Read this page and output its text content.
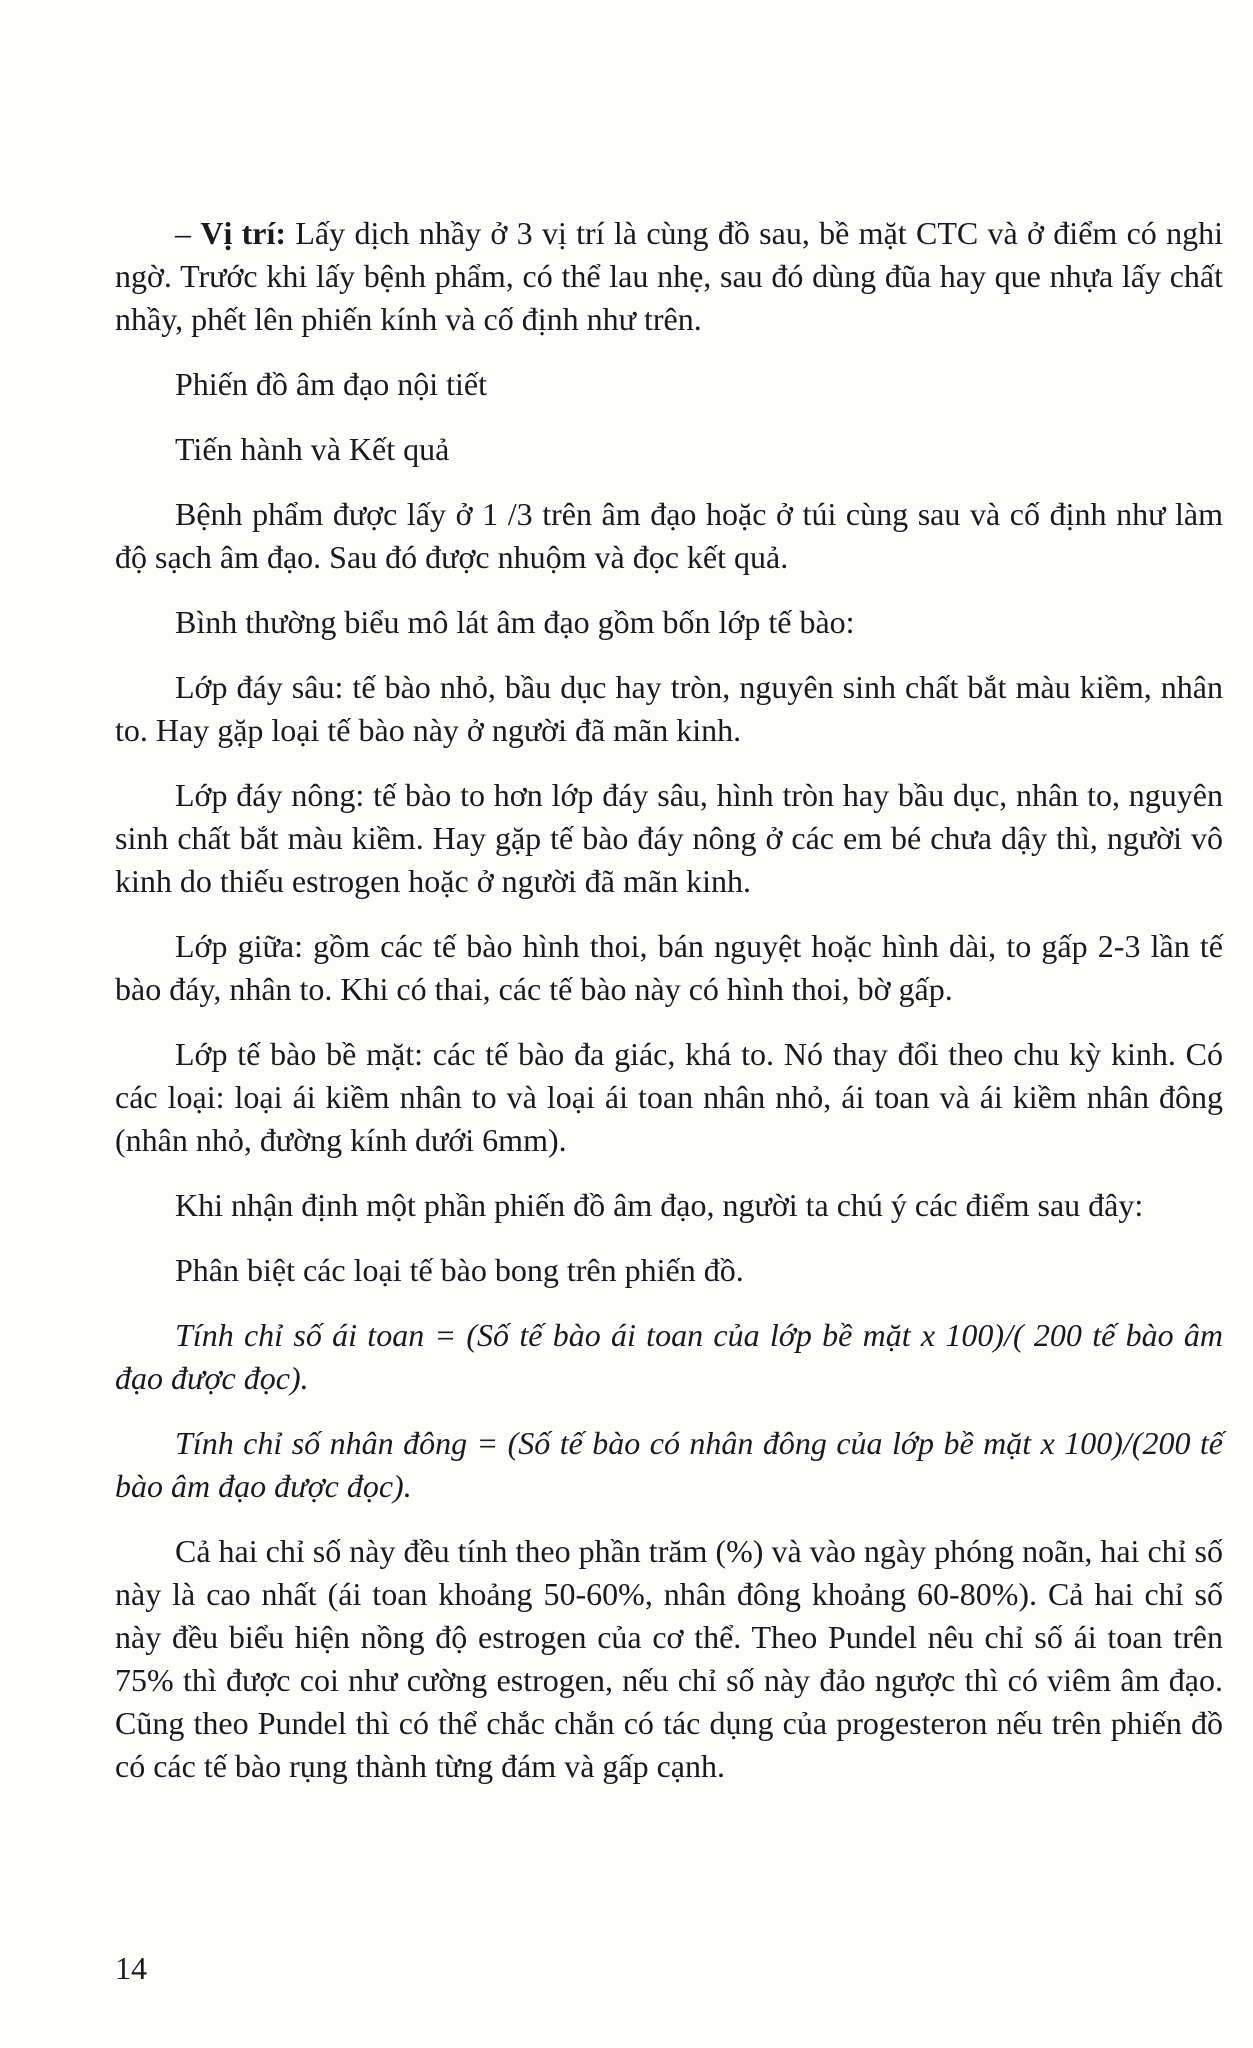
– Vị trí: Lấy dịch nhầy ở 3 vị trí là cùng đồ sau, bề mặt CTC và ở điểm có nghi ngờ. Trước khi lấy bệnh phẩm, có thể lau nhẹ, sau đó dùng đũa hay que nhựa lấy chất nhầy, phết lên phiến kính và cố định như trên.

Phiến đồ âm đạo nội tiết

Tiến hành và Kết quả

Bệnh phẩm được lấy ở 1 /3 trên âm đạo hoặc ở túi cùng sau và cố định như làm độ sạch âm đạo. Sau đó được nhuộm và đọc kết quả.

Bình thường biểu mô lát âm đạo gồm bốn lớp tế bào:

Lớp đáy sâu: tế bào nhỏ, bầu dục hay tròn, nguyên sinh chất bắt màu kiềm, nhân to. Hay gặp loại tế bào này ở người đã mãn kinh.

Lớp đáy nông: tế bào to hơn lớp đáy sâu, hình tròn hay bầu dục, nhân to, nguyên sinh chất bắt màu kiềm. Hay gặp tế bào đáy nông ở các em bé chưa dậy thì, người vô kinh do thiếu estrogen hoặc ở người đã mãn kinh.

Lớp giữa: gồm các tế bào hình thoi, bán nguyệt hoặc hình dài, to gấp 2-3 lần tế bào đáy, nhân to. Khi có thai, các tế bào này có hình thoi, bờ gấp.

Lớp tế bào bề mặt: các tế bào đa giác, khá to. Nó thay đổi theo chu kỳ kinh. Có các loại: loại ái kiềm nhân to và loại ái toan nhân nhỏ, ái toan và ái kiềm nhân đông (nhân nhỏ, đường kính dưới 6mm).

Khi nhận định một phần phiến đồ âm đạo, người ta chú ý các điểm sau đây:

Phân biệt các loại tế bào bong trên phiến đồ.

Tính chỉ số ái toan = (Số tế bào ái toan của lớp bề mặt x 100)/( 200 tế bào âm đạo được đọc).

Tính chỉ số nhân đông = (Số tế bào có nhân đông của lớp bề mặt x 100)/(200 tế bào âm đạo được đọc).

Cả hai chỉ số này đều tính theo phần trăm (%) và vào ngày phóng noãn, hai chỉ số này là cao nhất (ái toan khoảng 50-60%, nhân đông khoảng 60-80%). Cả hai chỉ số này đều biểu hiện nồng độ estrogen của cơ thể. Theo Pundel nêu chỉ số ái toan trên 75% thì được coi như cường estrogen, nếu chỉ số này đảo ngược thì có viêm âm đạo. Cũng theo Pundel thì có thể chắc chắn có tác dụng của progesteron nếu trên phiến đồ có các tế bào rụng thành từng đám và gấp cạnh.

14
